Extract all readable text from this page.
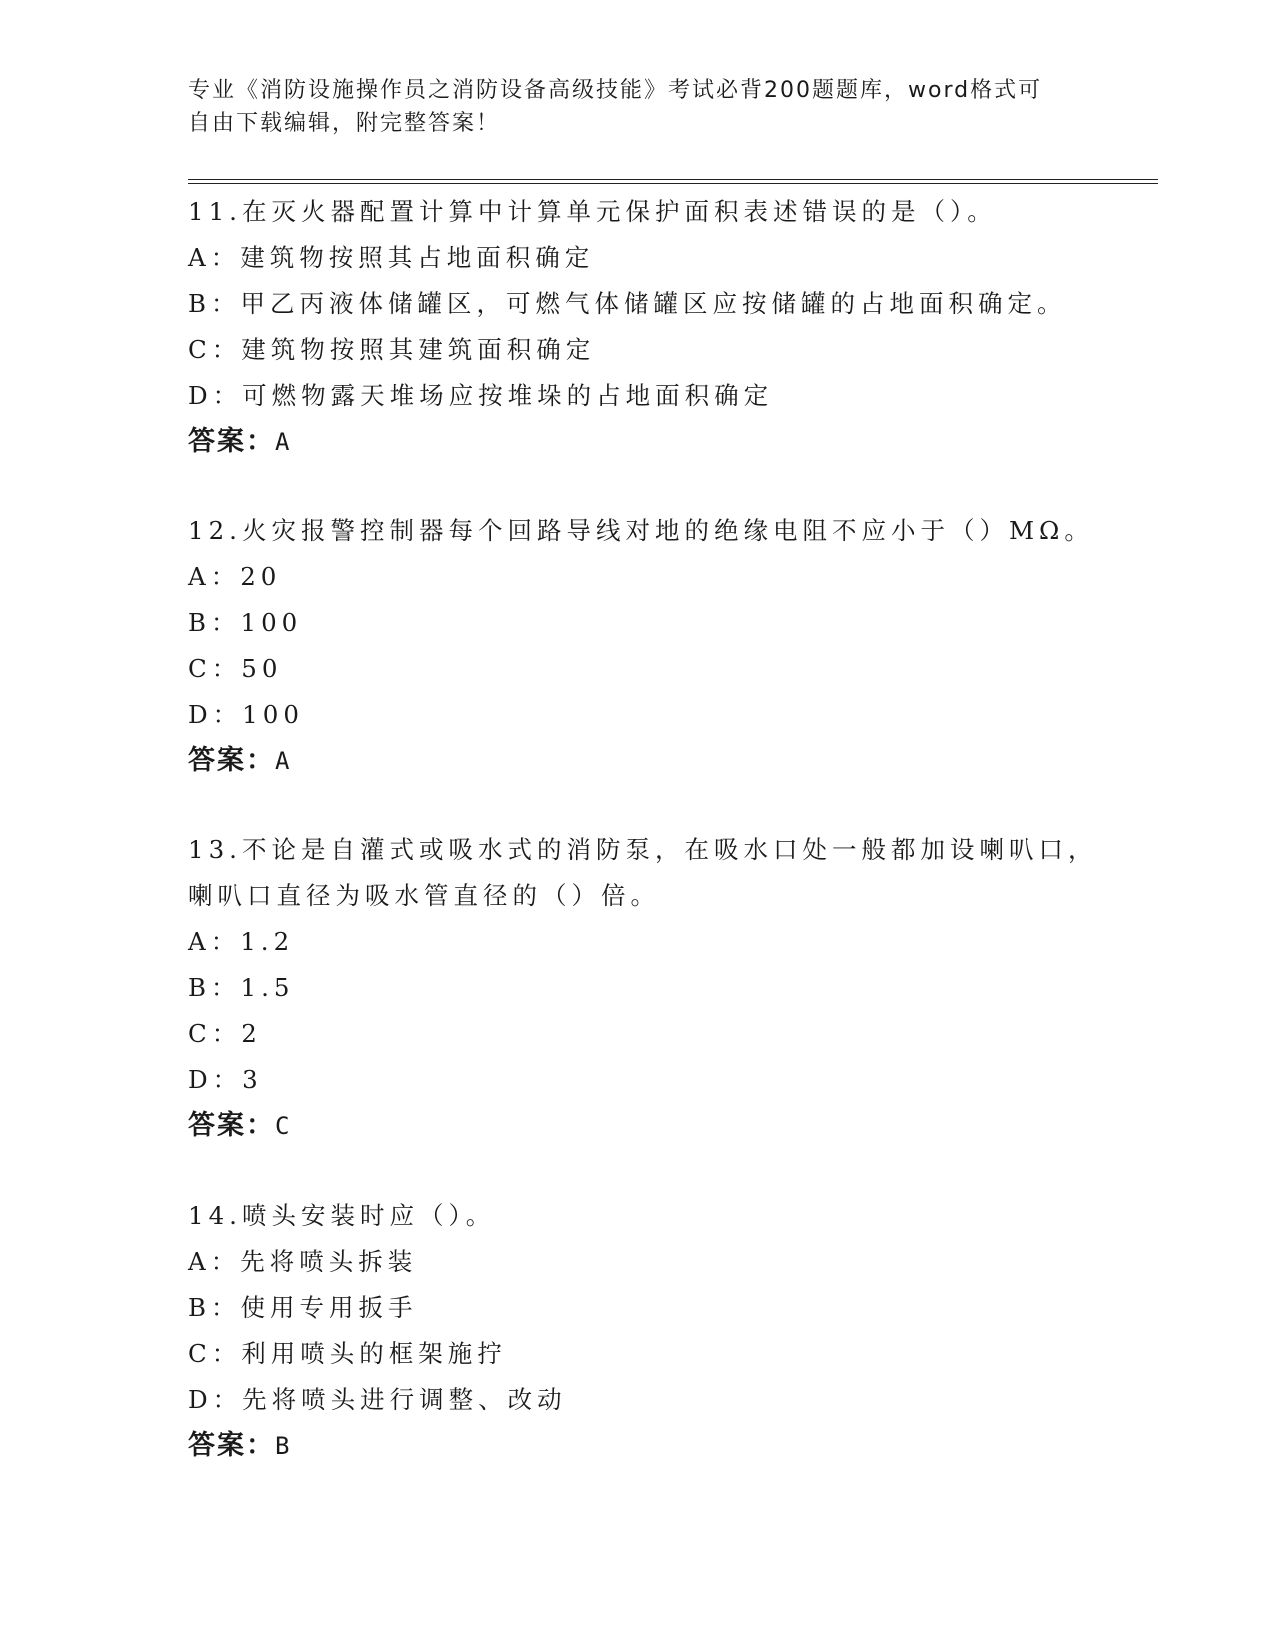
专业《消防设施操作员之消防设备高级技能》考试必背200题题库，word格式可
自由下载编辑，附完整答案！

11.在灭火器配置计算中计算单元保护面积表述错误的是（）。

A：建筑物按照其占地面积确定

B：甲乙丙液体储罐区，可燃气体储罐区应按储罐的占地面积确定。

C：建筑物按照其建筑面积确定

D：可燃物露天堆场应按堆垛的占地面积确定

答案：A

12.火灾报警控制器每个回路导线对地的绝缘电阻不应小于（）MΩ。

A：20

B：100

C：50

D：100

答案：A

13.不论是自灌式或吸水式的消防泵，在吸水口处一般都加设喇叭口，

喇叭口直径为吸水管直径的（）倍。

A：1.2

B：1.5

C：2

D：3

答案：C

14.喷头安装时应（）。

A：先将喷头拆装

B：使用专用扳手

C：利用喷头的框架施拧

D：先将喷头进行调整、改动

答案：B
